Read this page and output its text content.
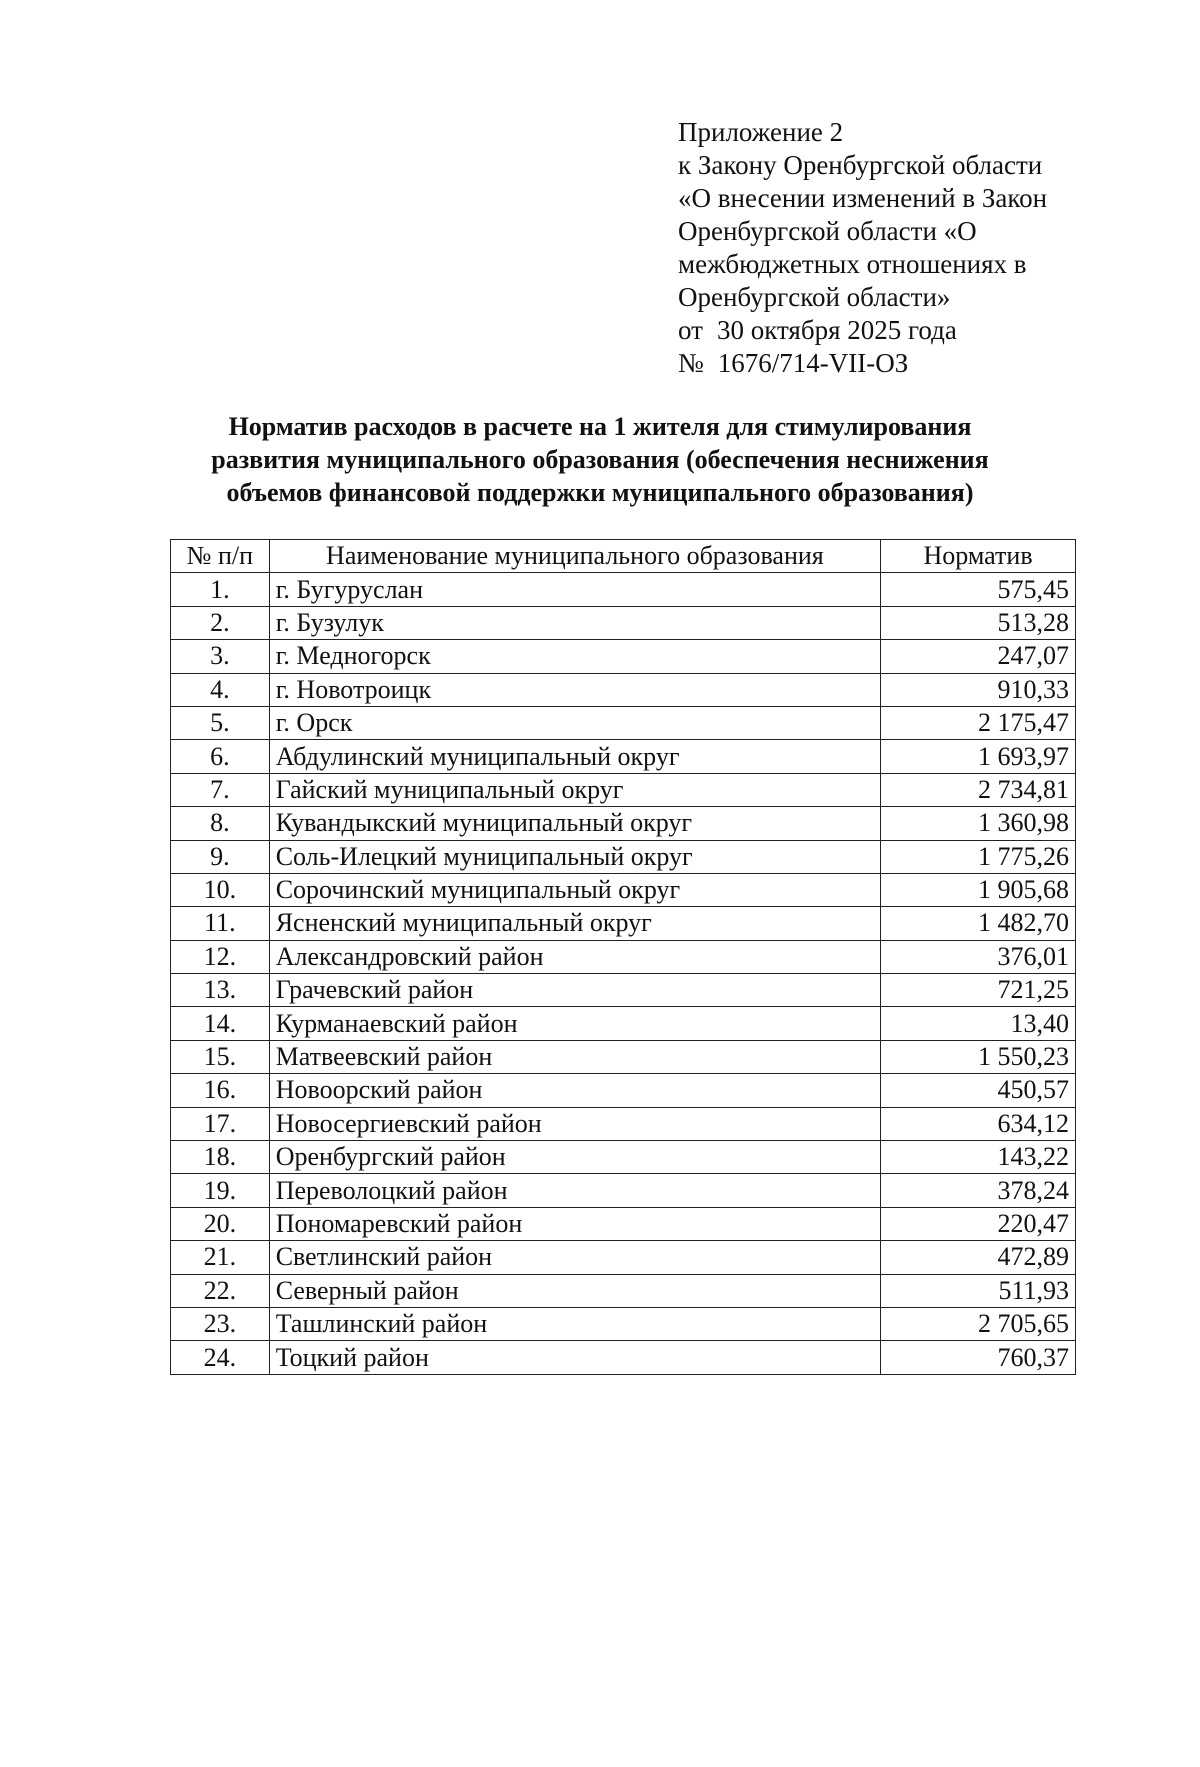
Приложение 2
к Закону Оренбургской области
«О внесении изменений в Закон
Оренбургской области «О
межбюджетных отношениях в
Оренбургской области»
от 30 октября 2025 года
№ 1676/714-VII-ОЗ
Норматив расходов в расчете на 1 жителя для стимулирования
развития муниципального образования (обеспечения неснижения
объемов финансовой поддержки муниципального образования)
№ п/п	Наименование муниципального образования	Норматив
1.	г. Бугуруслан	575,45
2.	г. Бузулук	513,28
3.	г. Медногорск	247,07
4.	г. Новотроицк	910,33
5.	г. Орск	2 175,47
6.	Абдулинский муниципальный округ	1 693,97
7.	Гайский муниципальный округ	2 734,81
8.	Кувандыкский муниципальный округ	1 360,98
9.	Соль-Илецкий муниципальный округ	1 775,26
10.	Сорочинский муниципальный округ	1 905,68
11.	Ясненский муниципальный округ	1 482,70
12.	Александровский район	376,01
13.	Грачевский район	721,25
14.	Курманаевский район	13,40
15.	Матвеевский район	1 550,23
16.	Новоорский район	450,57
17.	Новосергиевский район	634,12
18.	Оренбургский район	143,22
19.	Переволоцкий район	378,24
20.	Пономаревский район	220,47
21.	Светлинский район	472,89
22.	Северный район	511,93
23.	Ташлинский район	2 705,65
24.	Тоцкий район	760,37
